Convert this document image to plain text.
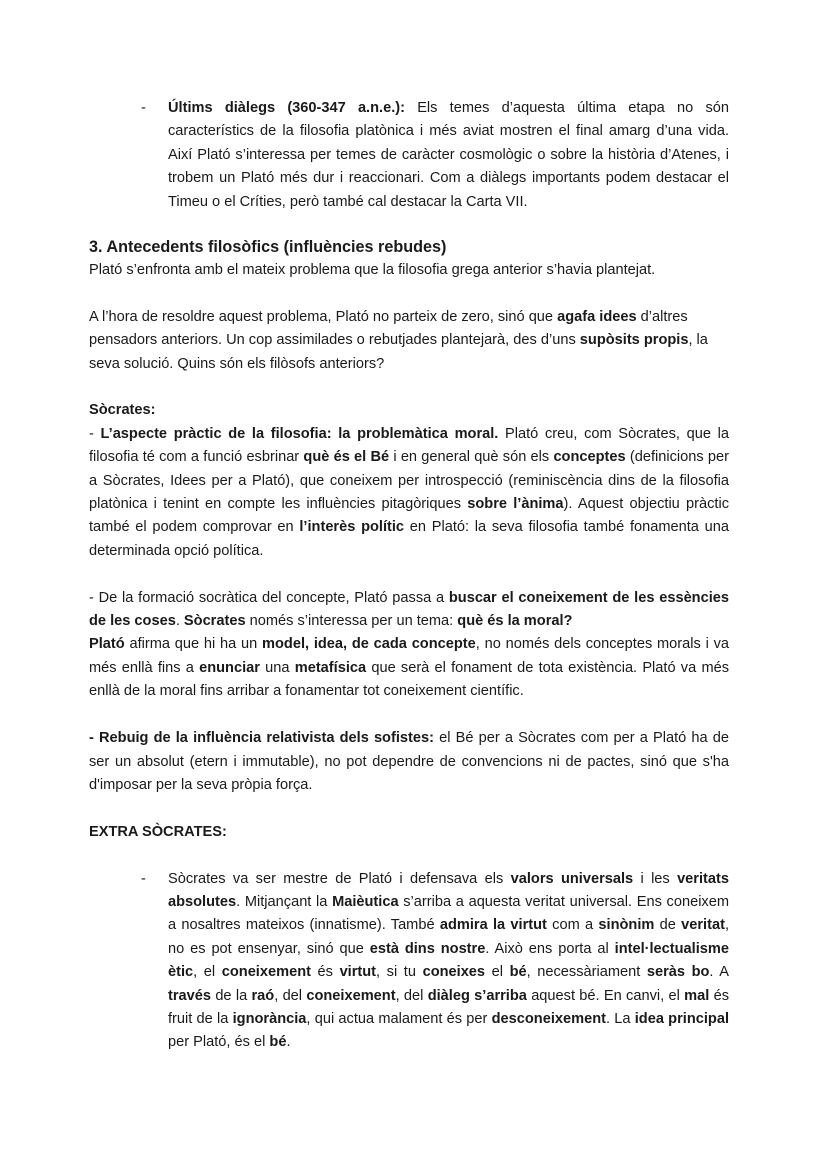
- Últims diàlegs (360-347 a.n.e.): Els temes d’aquesta última etapa no són característics de la filosofia platònica i més aviat mostren el final amarg d’una vida. Així Plató s’interessa per temes de caràcter cosmològic o sobre la història d’Atenes, i trobem un Plató més dur i reaccionari. Com a diàlegs importants podem destacar el Timeu o el Críties, però també cal destacar la Carta VII.

3. Antecedents filosòfics (influències rebudes)

Plató s’enfronta amb el mateix problema que la filosofia grega anterior s’havia plantejat.

A l’hora de resoldre aquest problema, Plató no parteix de zero, sinó que agafa idees d’altres pensadors anteriors. Un cop assimilades o rebutjades plantejarà, des d’uns supòsits propis, la seva solució. Quins són els filòsofs anteriors?

Sòcrates:

- L’aspecte pràctic de la filosofia: la problemàtica moral. Plató creu, com Sòcrates, que la filosofia té com a funció esbrinar què és el Bé i en general què són els conceptes (definicions per a Sòcrates, Idees per a Plató), que coneixem per introspecció (reminiscència dins de la filosofia platònica i tenint en compte les influències pitagòriques sobre l’ànima). Aquest objectiu pràctic també el podem comprovar en l’interès polític en Plató: la seva filosofia també fonamenta una determinada opció política.

- De la formació socràtica del concepte, Plató passa a buscar el coneixement de les essències de les coses. Sòcrates només s’interessa per un tema: què és la moral?

Plató afirma que hi ha un model, idea, de cada concepte, no només dels conceptes morals i va més enllà fins a enunciar una metafísica que serà el fonament de tota existència. Plató va més enllà de la moral fins arribar a fonamentar tot coneixement científic.

- Rebuig de la influència relativista dels sofistes: el Bé per a Sòcrates com per a Plató ha de ser un absolut (etern i immutable), no pot dependre de convencions ni de pactes, sinó que s'ha d'imposar per la seva pròpia força.

EXTRA SÒCRATES:

- Sòcrates va ser mestre de Plató i defensava els valors universals i les veritats absolutes. Mitjançant la Maièutica s’arriba a aquesta veritat universal. Ens coneixem a nosaltres mateixos (innatisme). També admira la virtut com a sinònim de veritat, no es pot ensenyar, sinó que està dins nostre. Això ens porta al intel·lectualisme ètic, el coneixement és virtut, si tu coneixes el bé, necessàriament seràs bo. A través de la raó, del coneixement, del diàleg s’arriba aquest bé. En canvi, el mal és fruit de la ignorància, qui actua malament és per desconeixement. La idea principal per Plató, és el bé.
